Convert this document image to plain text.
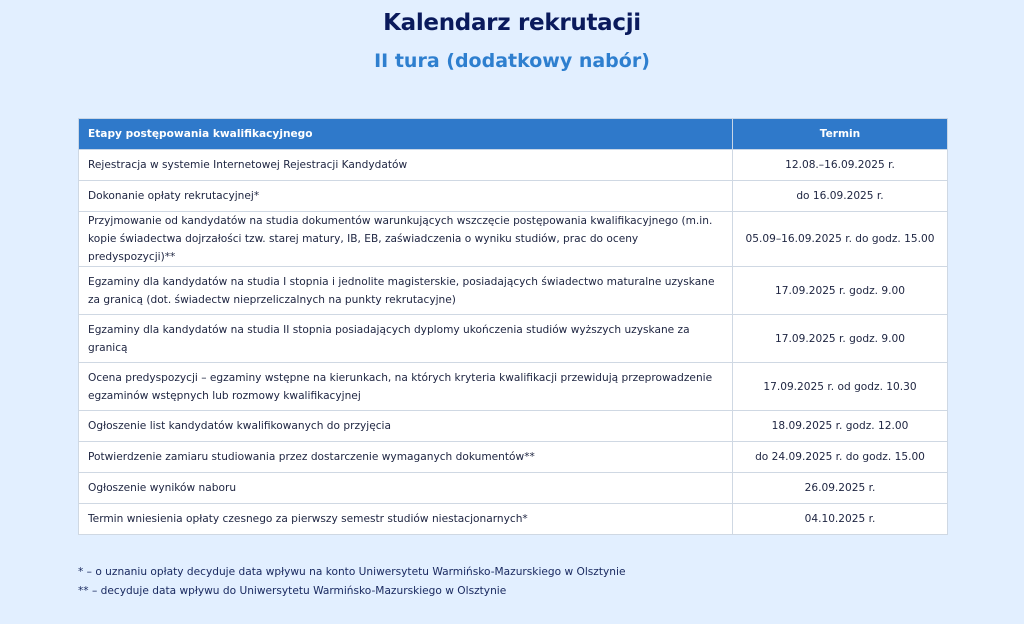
Kalendarz rekrutacji
II tura (dodatkowy nabór)
Etapy postępowania kwalifikacyjnego	Termin
Rejestracja w systemie Internetowej Rejestracji Kandydatów	12.08.–16.09.2025 r.
Dokonanie opłaty rekrutacyjnej*	do 16.09.2025 r.
Przyjmowanie od kandydatów na studia dokumentów warunkujących wszczęcie postępowania kwalifikacyjnego (m.in. kopie świadectwa dojrzałości tzw. starej matury, IB, EB, zaświadczenia o wyniku studiów, prac do oceny predyspozycji)**	05.09–16.09.2025 r. do godz. 15.00
Egzaminy dla kandydatów na studia I stopnia i jednolite magisterskie, posiadających świadectwo maturalne uzyskane za granicą (dot. świadectw nieprzeliczalnych na punkty rekrutacyjne)	17.09.2025 r. godz. 9.00
Egzaminy dla kandydatów na studia II stopnia posiadających dyplomy ukończenia studiów wyższych uzyskane za granicą	17.09.2025 r. godz. 9.00
Ocena predyspozycji – egzaminy wstępne na kierunkach, na których kryteria kwalifikacji przewidują przeprowadzenie egzaminów wstępnych lub rozmowy kwalifikacyjnej	17.09.2025 r. od godz. 10.30
Ogłoszenie list kandydatów kwalifikowanych do przyjęcia	18.09.2025 r. godz. 12.00
Potwierdzenie zamiaru studiowania przez dostarczenie wymaganych dokumentów**	do 24.09.2025 r. do godz. 15.00
Ogłoszenie wyników naboru	26.09.2025 r.
Termin wniesienia opłaty czesnego za pierwszy semestr studiów niestacjonarnych*	04.10.2025 r.
* – o uznaniu opłaty decyduje data wpływu na konto Uniwersytetu Warmińsko-Mazurskiego w Olsztynie
** – decyduje data wpływu do Uniwersytetu Warmińsko-Mazurskiego w Olsztynie
